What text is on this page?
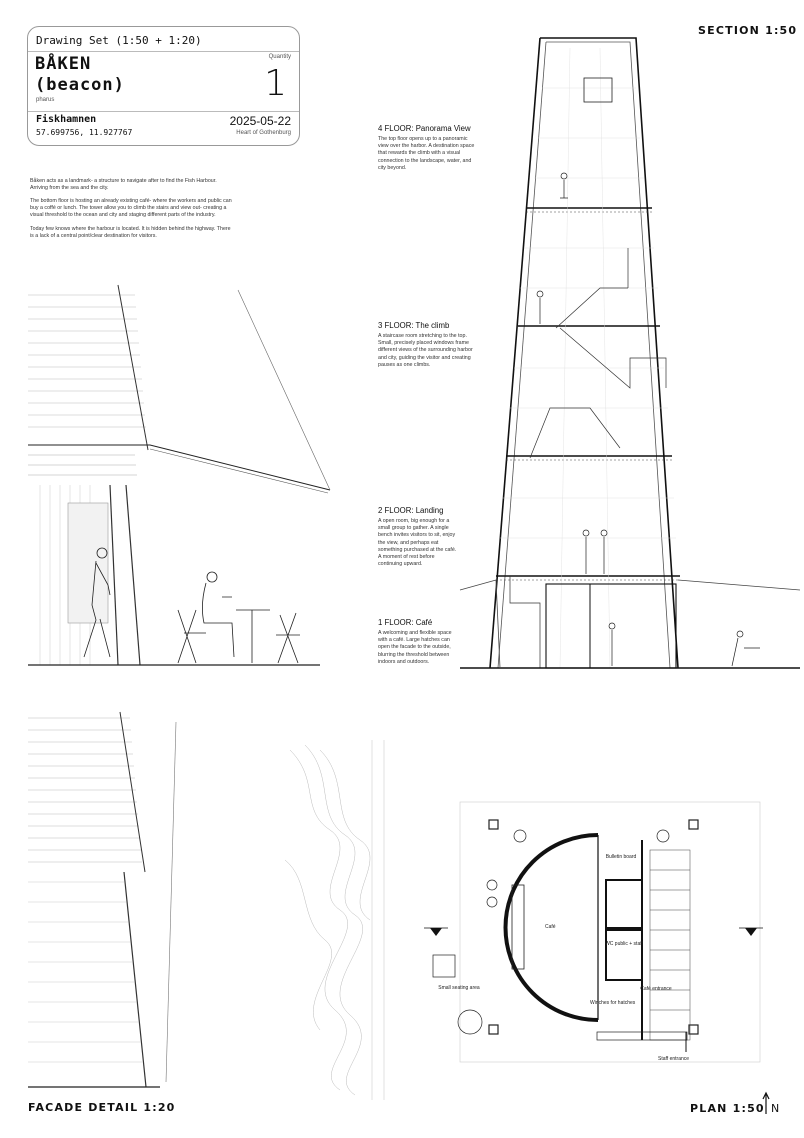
Drawing Set (1:50 + 1:20)
Quantity
BÅKEN
(beacon)
pharus	1
Fiskhamnen	2025-05-22
57.699756, 11.927767	Heart of Gothenburg
Båken acts as a landmark- a structure to navigate after to find the Fish Harbour. Arriving from the sea and the city.
The bottom floor is hosting an already existing café- where the workers and public can buy a coffé or lunch. The tower allow you to climb the stairs and view out- creating a visual threshold to the ocean and city and staging different parts of the industry.
Today few knows where the harbour is located. It is hidden behind the highway. There is a lack of a central point/clear destination for visitors.
SECTION 1:50
FACADE DETAIL 1:20	PLAN 1:50 N
4 FLOOR: Panorama View
The top floor opens up to a panoramic view over the harbor. A destination space that rewards the climb with a visual connection to the landscape, water, and city beyond.
3 FLOOR: The climb
A staircase room stretching to the top. Small, precisely placed windows frame different views of the surrounding harbor and city, guiding the visitor and creating pauses as one climbs.
2 FLOOR: Landing
A open room, big enough for a small group to gather. A single bench invites visitors to sit, enjoy the view, and perhaps eat something purchased at the café. A moment of rest before continuing upward.
1 FLOOR: Café
A welcoming and flexible space with a café. Large hatches can open the facade to the outside, blurring the threshold between indoors and outdoors.
Bulletin board
Café
WC public + staff
Small seating area	Café entrance
Winches for hatches
Staff entrance
